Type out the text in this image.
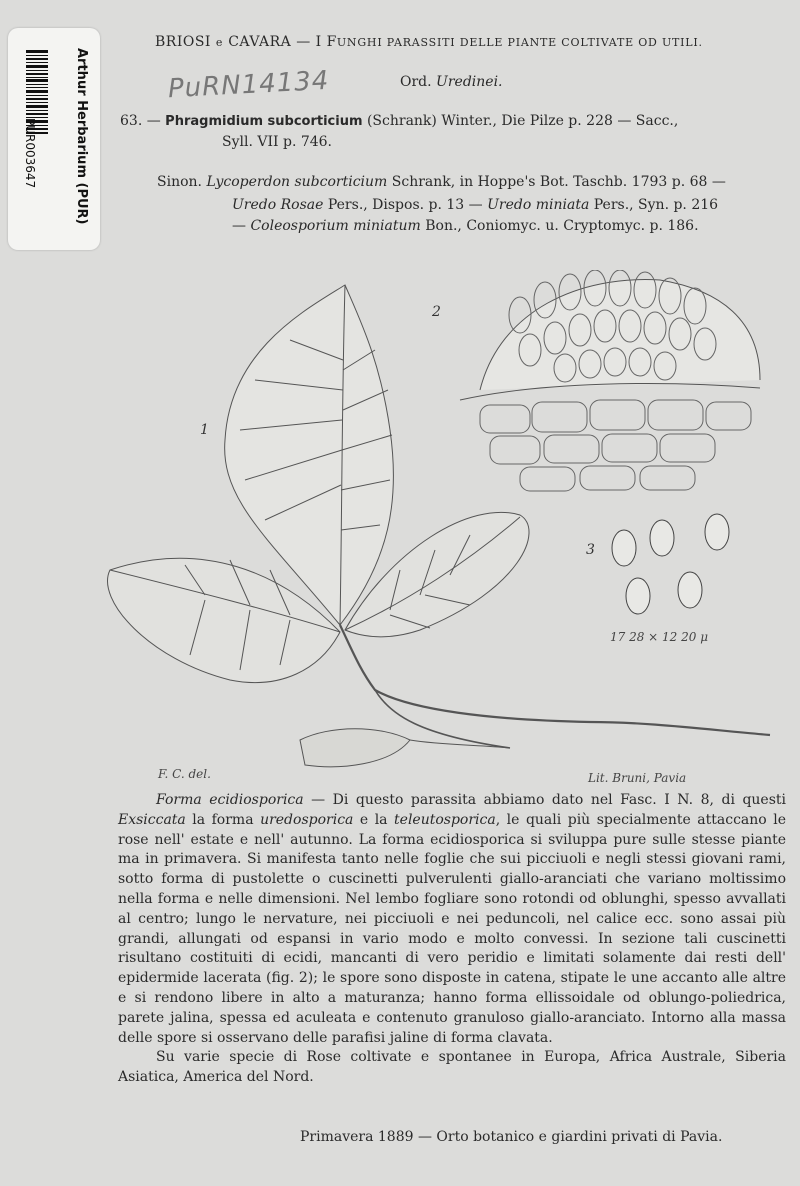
Arthur Herbarium (PUR)
PUR003647
BRIOSI e CAVARA — I FUNGHI PARASSITI DELLE PIANTE COLTIVATE OD UTILI.
PuRN14134	Ord. Uredinei.
63. — Phragmidium subcorticium (Schrank) Winter., Die Pilze p. 228 — Sacc.,
Syll. VII p. 746.
Sinon. Lycoperdon subcorticium Schrank, in Hoppe's Bot. Taschb. 1793 p. 68 —
Uredo Rosae Pers., Dispos. p. 13 — Uredo miniata Pers., Syn. p. 216
— Coleosporium miniatum Bon., Coniomyc. u. Cryptomyc. p. 186.
1
2
3
17 28 × 12 20 μ
F. C. del.	Lit. Bruni, Pavia

Forma ecidiosporica — Di questo parassita abbiamo dato nel Fasc. I N. 8, di questi Exsiccata la forma uredosporica e la teleutosporica, le quali più specialmente attaccano le rose nell' estate e nell' autunno. La forma ecidiosporica si sviluppa pure sulle stesse piante ma in primavera. Si manifesta tanto nelle foglie che sui picciuoli e negli stessi giovani rami, sotto forma di pustolette o cuscinetti pulverulenti giallo-aranciati che variano moltissimo nella forma e nelle dimensioni. Nel lembo fogliare sono rotondi od oblunghi, spesso avvallati al centro; lungo le nervature, nei picciuoli e nei peduncoli, nel calice ecc. sono assai più grandi, allungati od espansi in vario modo e molto convessi. In sezione tali cuscinetti risultano costituiti di ecidi, mancanti di vero peridio e limitati solamente dai resti dell' epidermide lacerata (fig. 2); le spore sono disposte in catena, stipate le une accanto alle altre e si rendono libere in alto a maturanza; hanno forma ellissoidale od oblungo-poliedrica, parete jalina, spessa ed aculeata e contenuto granuloso giallo-aranciato. Intorno alla massa delle spore si osservano delle parafisi jaline di forma clavata.

Su varie specie di Rose coltivate e spontanee in Europa, Africa Australe, Siberia Asiatica, America del Nord.

Primavera 1889 — Orto botanico e giardini privati di Pavia.
